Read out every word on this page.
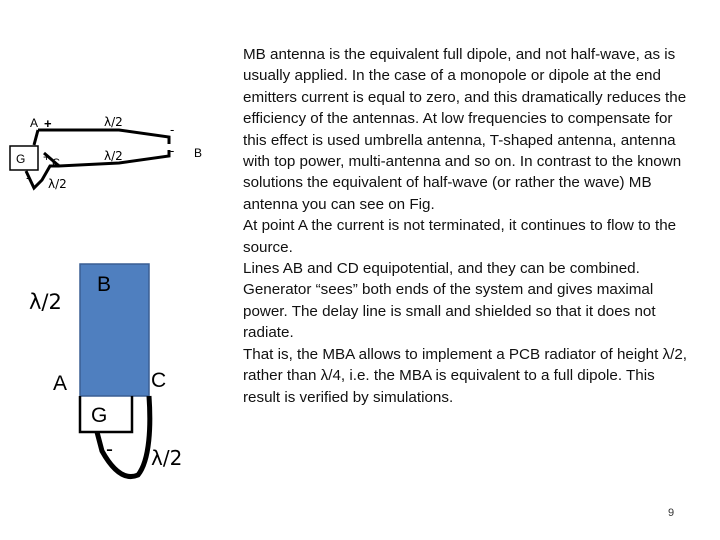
A +	λ/2	-
- B
G + C	λ/2
- λ/2
λ/2
B
A	C
G
- λ/2

MB antenna is the equivalent full dipole, and not half-wave, as is usually applied. In the case of a monopole or dipole at the end emitters current is equal to zero, and this dramatically reduces the efficiency of the antennas. At low frequencies to compensate for this effect is used umbrella antenna, T-shaped antenna, antenna with top power, multi-antenna and so on. In contrast to the known solutions the equivalent of half-wave (or rather the wave) MB antenna you can see on Fig.

At point A the current is not terminated, it continues to flow to the source.

Lines AB and CD equipotential, and they can be combined. Generator “sees” both ends of the system and gives maximal power. The delay line is small and shielded so that it does not radiate.

That is, the MBA allows to implement a PCB radiator of height λ/2, rather than λ/4, i.e. the MBA is equivalent to a full dipole. This result is verified by simulations.

9
